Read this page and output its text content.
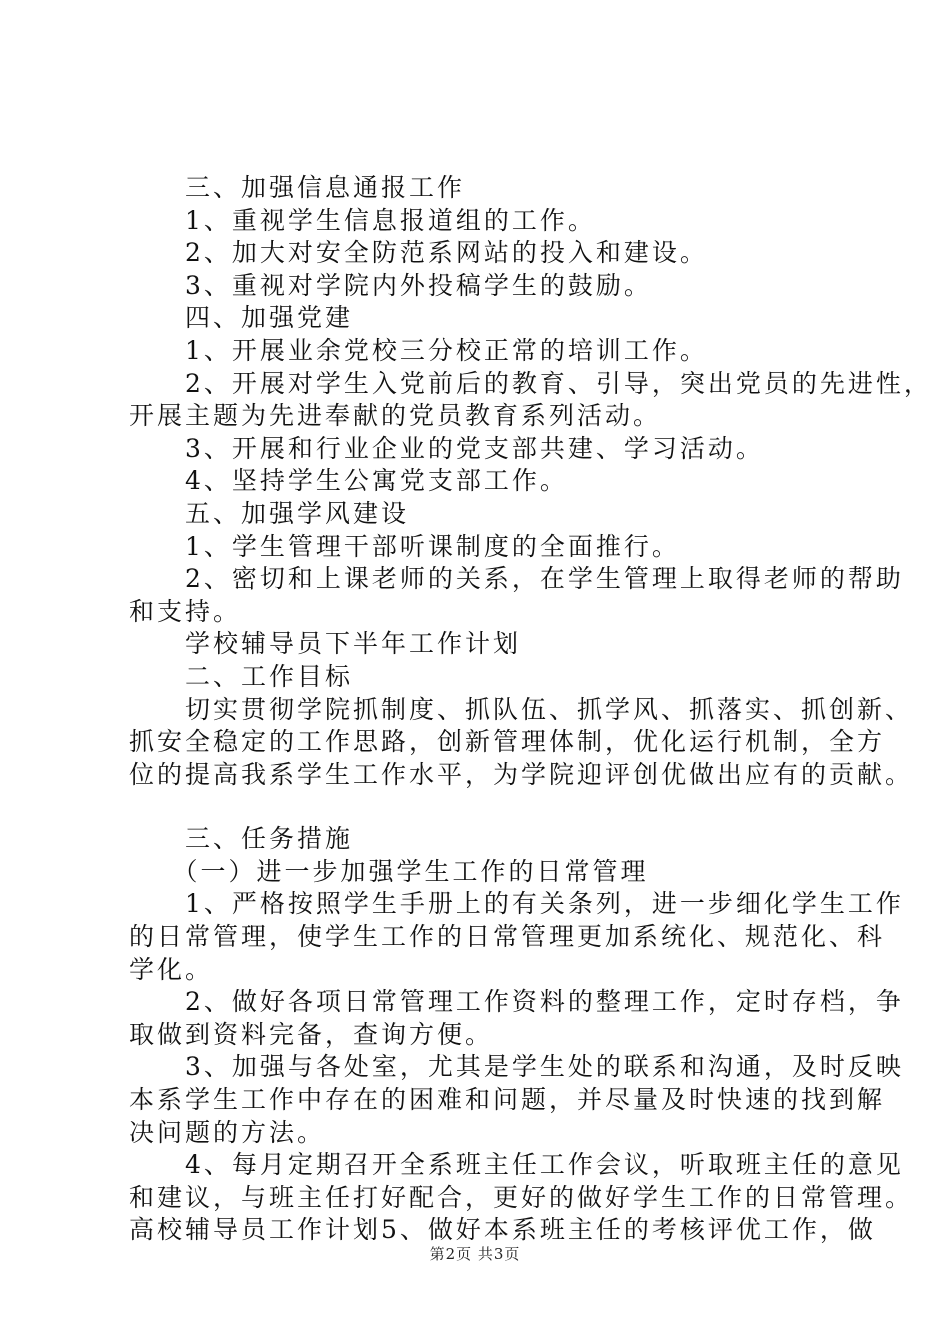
　　三、加强信息通报工作
　　1、重视学生信息报道组的工作。
　　2、加大对安全防范系网站的投入和建设。
　　3、重视对学院内外投稿学生的鼓励。
　　四、加强党建
　　1、开展业余党校三分校正常的培训工作。
　　2、开展对学生入党前后的教育、引导，突出党员的先进性，
开展主题为先进奉献的党员教育系列活动。
　　3、开展和行业企业的党支部共建、学习活动。
　　4、坚持学生公寓党支部工作。
　　五、加强学风建设
　　1、学生管理干部听课制度的全面推行。
　　2、密切和上课老师的关系，在学生管理上取得老师的帮助
和支持。
　　学校辅导员下半年工作计划
　　二、工作目标
　　切实贯彻学院抓制度、抓队伍、抓学风、抓落实、抓创新、
抓安全稳定的工作思路，创新管理体制，优化运行机制，全方
位的提高我系学生工作水平，为学院迎评创优做出应有的贡献。
　　三、任务措施
　　（一）进一步加强学生工作的日常管理
　　1、严格按照学生手册上的有关条列，进一步细化学生工作
的日常管理，使学生工作的日常管理更加系统化、规范化、科
学化。
　　2、做好各项日常管理工作资料的整理工作，定时存档，争
取做到资料完备，查询方便。
　　3、加强与各处室，尤其是学生处的联系和沟通，及时反映
本系学生工作中存在的困难和问题，并尽量及时快速的找到解
决问题的方法。
　　4、每月定期召开全系班主任工作会议，听取班主任的意见
和建议，与班主任打好配合，更好的做好学生工作的日常管理。
高校辅导员工作计划5、做好本系班主任的考核评优工作，做
第2页 共3页
